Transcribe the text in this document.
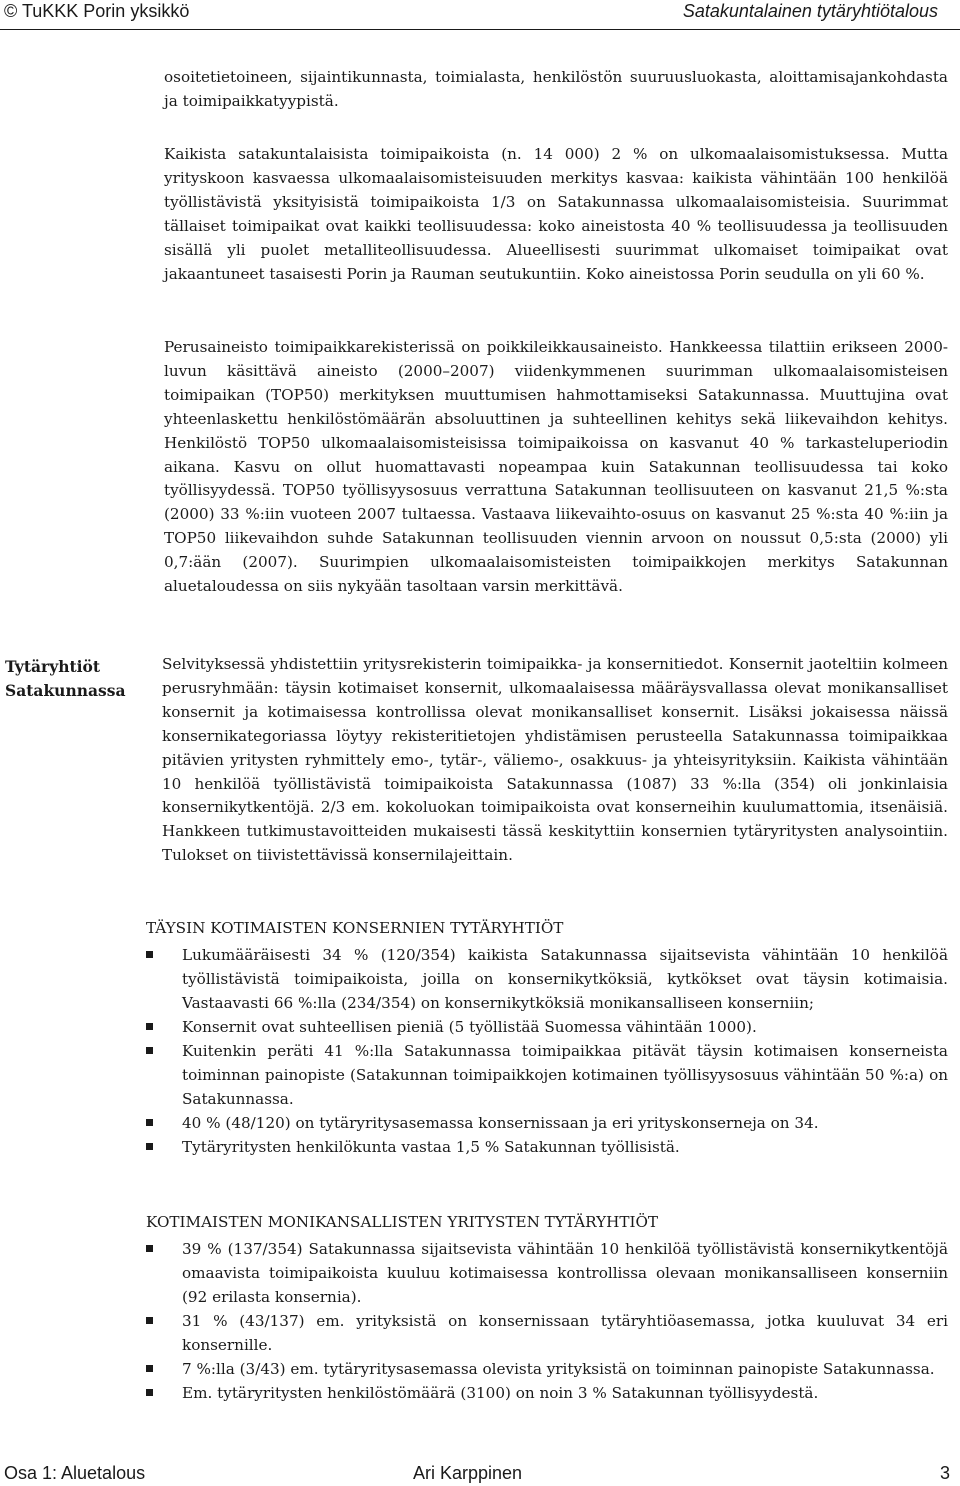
© TuKKK Porin yksikkö	Satakuntalainen tytäryhtiötalous
osoitetietoineen, sijaintikunnasta, toimialasta, henkilöstön suuruusluokasta, aloittamisajankohdasta ja toimipaikkatyypistä.
Kaikista satakuntalaisista toimipaikoista (n. 14 000) 2 % on ulkomaalaisomistuksessa. Mutta yrityskoon kasvaessa ulkomaalaisomisteisuuden merkitys kasvaa: kaikista vähintään 100 henkilöä työllistävistä yksityisistä toimipaikoista 1/3 on Satakunnassa ulkomaalaisomisteisia. Suurimmat tällaiset toimipaikat ovat kaikki teollisuudessa: koko aineistosta 40 % teollisuudessa ja teollisuuden sisällä yli puolet metalliteollisuudessa. Alueellisesti suurimmat ulkomaiset toimipaikat ovat jakaantuneet tasaisesti Porin ja Rauman seutukuntiin. Koko aineistossa Porin seudulla on yli 60 %.
Perusaineisto toimipaikkarekisterissä on poikkileikkausaineisto. Hankkeessa tilattiin erikseen 2000-luvun käsittävä aineisto (2000–2007) viidenkymmenen suurimman ulkomaalaisomisteisen toimipaikan (TOP50) merkityksen muuttumisen hahmottamiseksi Satakunnassa. Muuttujina ovat yhteenlaskettu henkilöstömäärän absoluuttinen ja suhteellinen kehitys sekä liikevaihdon kehitys. Henkilöstö TOP50 ulkomaalaisomisteisissa toimipaikoissa on kasvanut 40 % tarkasteluperiodin aikana. Kasvu on ollut huomattavasti nopeampaa kuin Satakunnan teollisuudessa tai koko työllisyydessä. TOP50 työllisyysosuus verrattuna Satakunnan teollisuuteen on kasvanut 21,5 %:sta (2000) 33 %:iin vuoteen 2007 tultaessa. Vastaava liikevaihto-osuus on kasvanut 25 %:sta 40 %:iin ja TOP50 liikevaihdon suhde Satakunnan teollisuuden viennin arvoon on noussut 0,5:sta (2000) yli 0,7:ään (2007). Suurimpien ulkomaalaisomisteisten toimipaikkojen merkitys Satakunnan aluetaloudessa on siis nykyään tasoltaan varsin merkittävä.
Tytäryhtiöt Satakunnassa
Selvityksessä yhdistettiin yritysrekisterin toimipaikka- ja konsernitiedot. Konsernit jaoteltiin kolmeen perusryhmään: täysin kotimaiset konsernit, ulkomaalaisessa määräysvallassa olevat monikansalliset konsernit ja kotimaisessa kontrollissa olevat monikansalliset konsernit. Lisäksi jokaisessa näissä konsernikategoriassa löytyy rekisteritietojen yhdistämisen perusteella Satakunnassa toimipaikkaa pitävien yritysten ryhmittely emo-, tytär-, väliemo-, osakkuus- ja yhteisyrityksiin. Kaikista vähintään 10 henkilöä työllistävistä toimipaikoista Satakunnassa (1087) 33 %:lla (354) oli jonkinlaisia konsernikytkentöjä. 2/3 em. kokoluokan toimipaikoista ovat konserneihin kuulumattomia, itsenäisiä. Hankkeen tutkimustavoitteiden mukaisesti tässä keskityttiin konsernien tytäryritysten analysointiin. Tulokset on tiivistettävissä konsernilajeittain.
TÄYSIN KOTIMAISTEN KONSERNIEN TYTÄRYHTIÖT
Lukumääräisesti 34 % (120/354) kaikista Satakunnassa sijaitsevista vähintään 10 henkilöä työllistävistä toimipaikoista, joilla on konsernikytköksiä, kytkökset ovat täysin kotimaisia. Vastaavasti 66 %:lla (234/354) on konsernikytköksiä monikansalliseen konserniin;
Konsernit ovat suhteellisen pieniä (5 työllistää Suomessa vähintään 1000).
Kuitenkin peräti 41 %:lla Satakunnassa toimipaikkaa pitävät täysin kotimaisen konserneista toiminnan painopiste (Satakunnan toimipaikkojen kotimainen työllisyysosuus vähintään 50 %:a) on Satakunnassa.
40 % (48/120) on tytäryritysasemassa konsernissaan ja eri yrityskonserneja on 34.
Tytäryritysten henkilökunta vastaa 1,5 % Satakunnan työllisistä.
KOTIMAISTEN MONIKANSALLISTEN YRITYSTEN TYTÄRYHTIÖT
39 % (137/354) Satakunnassa sijaitsevista vähintään 10 henkilöä työllistävistä konsernikytkentöjä omaavista toimipaikoista kuuluu kotimaisessa kontrollissa olevaan monikansalliseen konserniin (92 erilasta konsernia).
31 % (43/137) em. yrityksistä on konsernissaan tytäryhtiöasemassa, jotka kuuluvat 34 eri konsernille.
7 %:lla (3/43) em. tytäryritysasemassa olevista yrityksistä on toiminnan painopiste Satakunnassa.
Em. tytäryritysten henkilöstömäärä (3100) on noin 3 % Satakunnan työllisyydestä.
Osa 1: Aluetalous	Ari Karppinen	3
